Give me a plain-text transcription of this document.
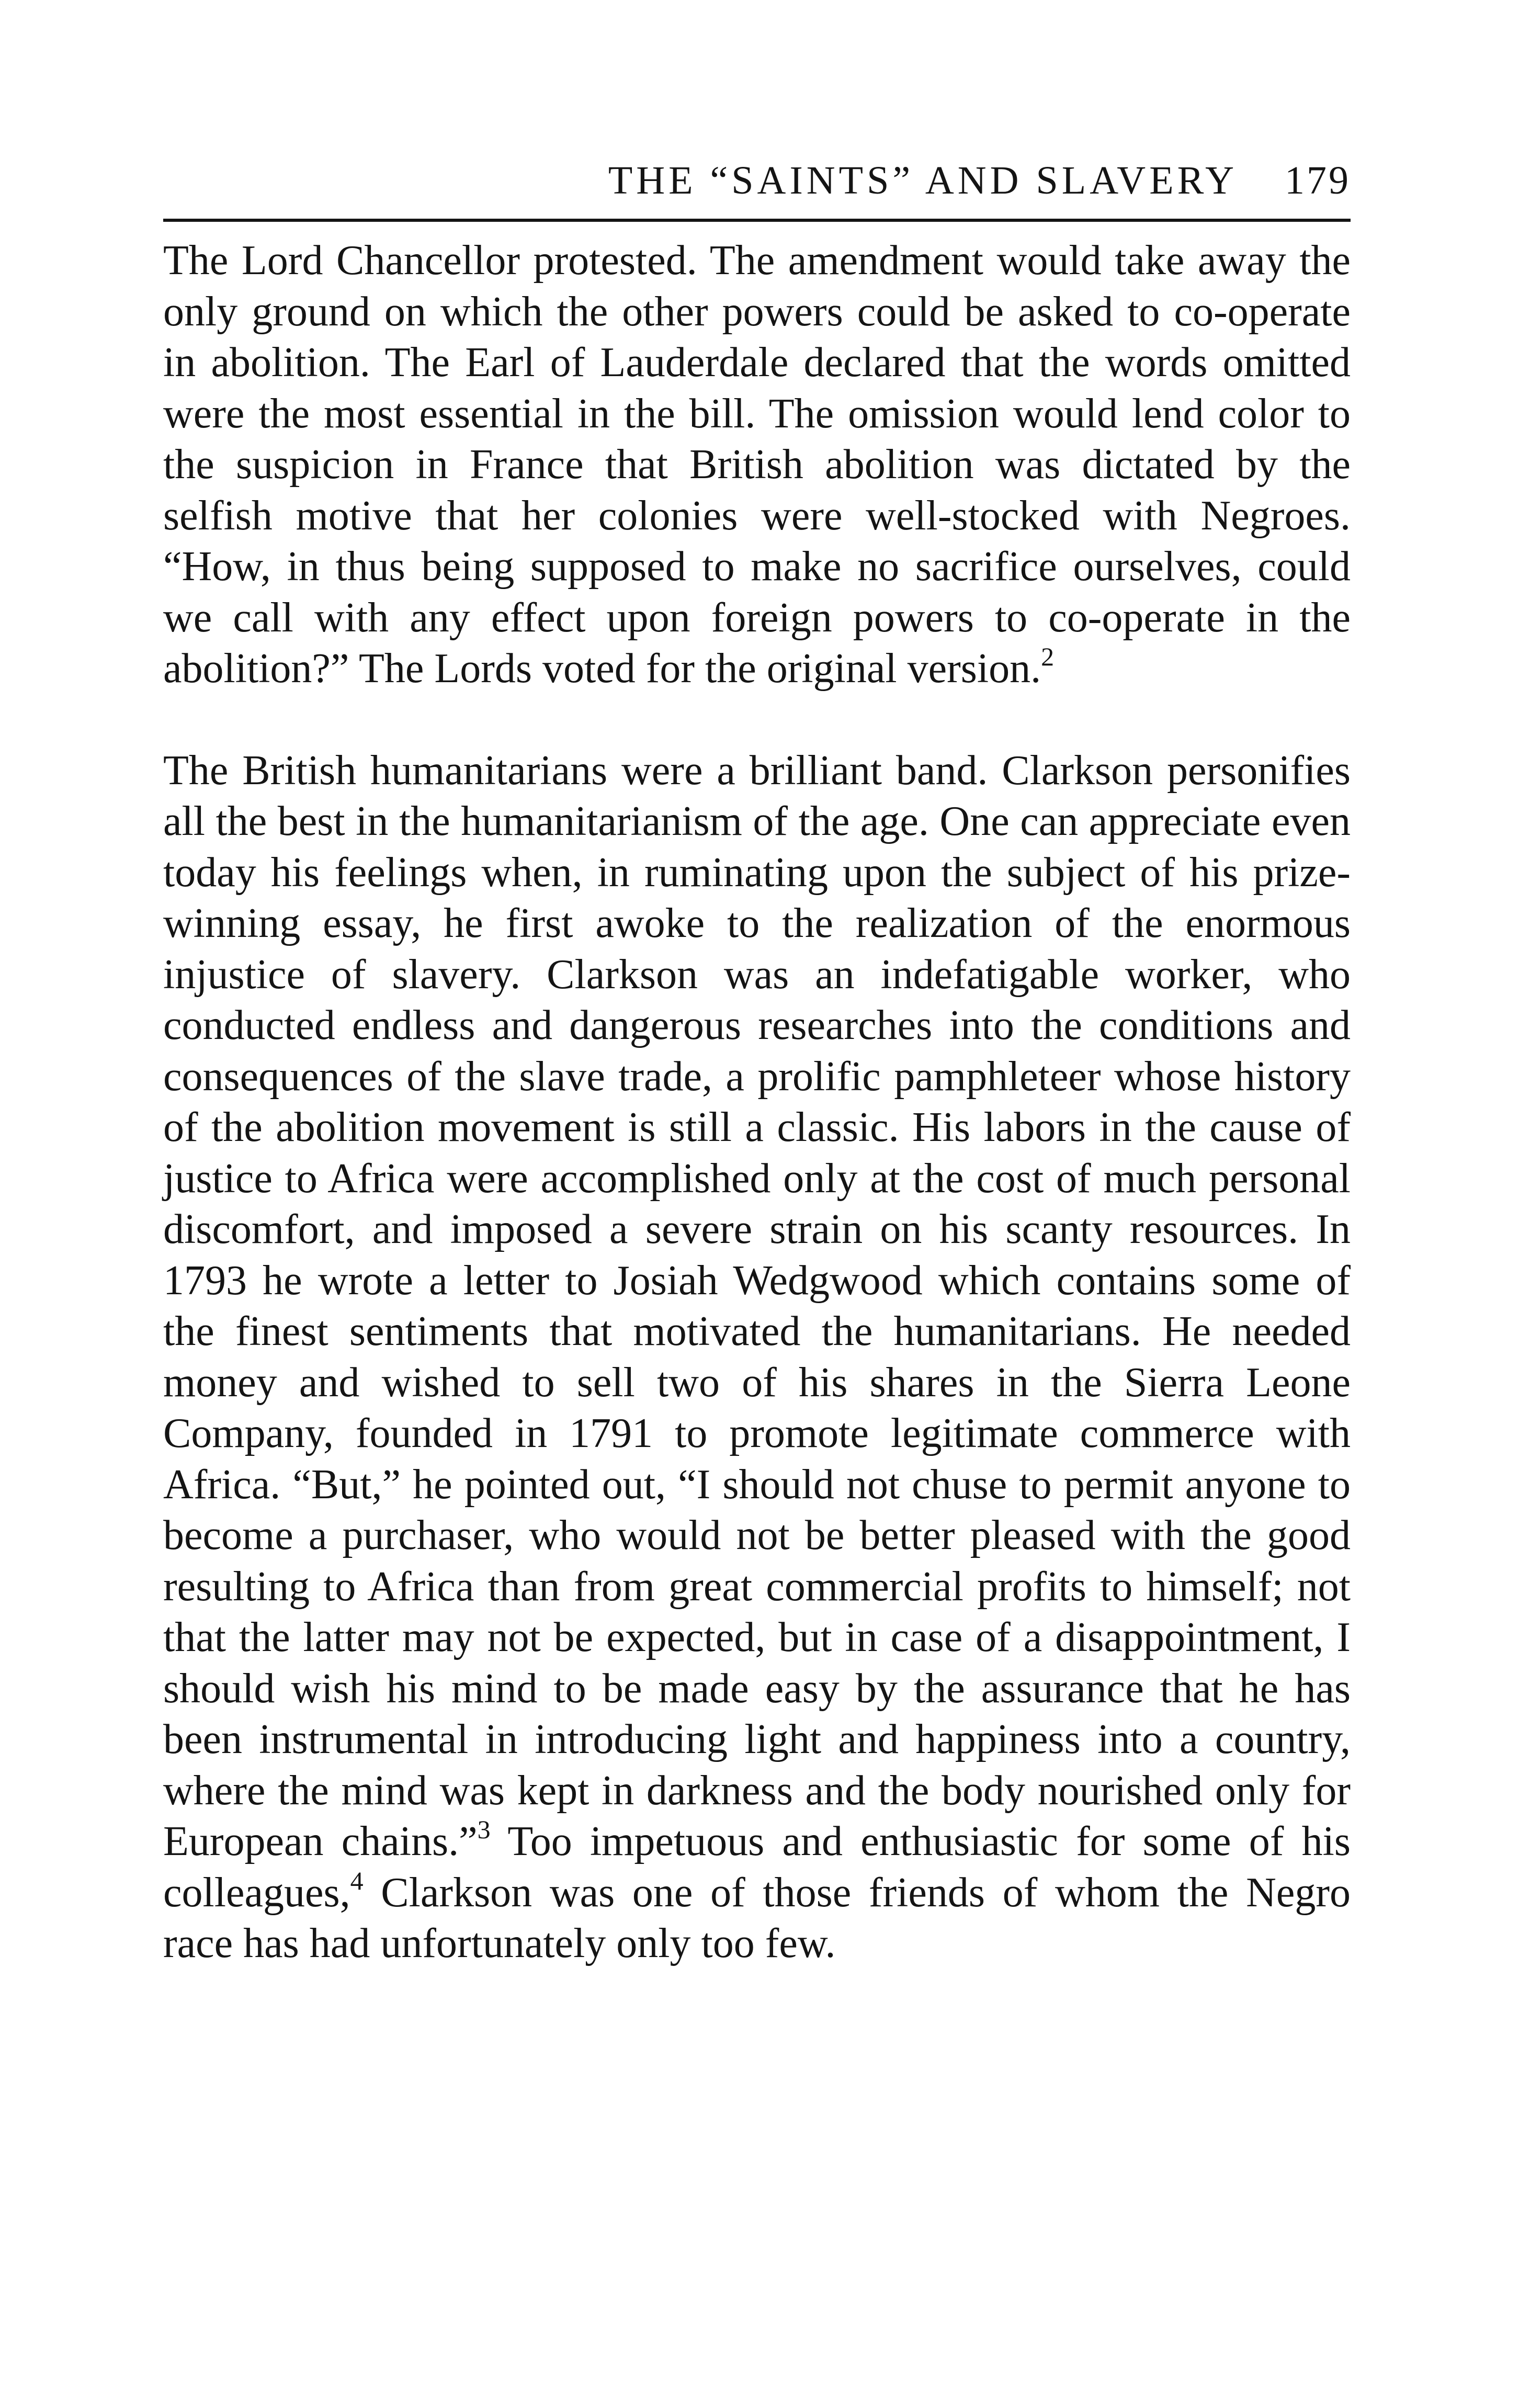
THE “SAINTS” AND SLAVERY 179

The Lord Chancellor protested. The amendment would take away the only ground on which the other powers could be asked to co-operate in abolition. The Earl of Lauderdale declared that the words omitted were the most essential in the bill. The omission would lend color to the suspicion in France that British abolition was dictated by the selfish motive that her colonies were well-stocked with Negroes. “How, in thus being supposed to make no sacrifice ourselves, could we call with any effect upon foreign powers to co-operate in the abolition?” The Lords voted for the original version.$^2$

The British humanitarians were a brilliant band. Clarkson personifies all the best in the humanitarianism of the age. One can appreciate even today his feelings when, in ruminating upon the subject of his prize-winning essay, he first awoke to the realization of the enormous injustice of slavery. Clarkson was an indefatigable worker, who conducted endless and dangerous researches into the conditions and consequences of the slave trade, a prolific pamphleteer whose history of the abolition movement is still a classic. His labors in the cause of justice to Africa were accomplished only at the cost of much personal discomfort, and imposed a severe strain on his scanty resources. In 1793 he wrote a letter to Josiah Wedgwood which contains some of the finest sentiments that motivated the humanitarians. He needed money and wished to sell two of his shares in the Sierra Leone Company, founded in 1791 to promote legitimate commerce with Africa. “But,” he pointed out, “I should not chuse to permit anyone to become a purchaser, who would not be better pleased with the good resulting to Africa than from great commercial profits to himself; not that the latter may not be expected, but in case of a disappointment, I should wish his mind to be made easy by the assurance that he has been instrumental in introducing light and happiness into a country, where the mind was kept in darkness and the body nourished only for European chains.”$^3$ Too impetuous and enthusiastic for some of his colleagues,$^4$ Clarkson was one of those friends of whom the Negro race has had unfortunately only too few.
